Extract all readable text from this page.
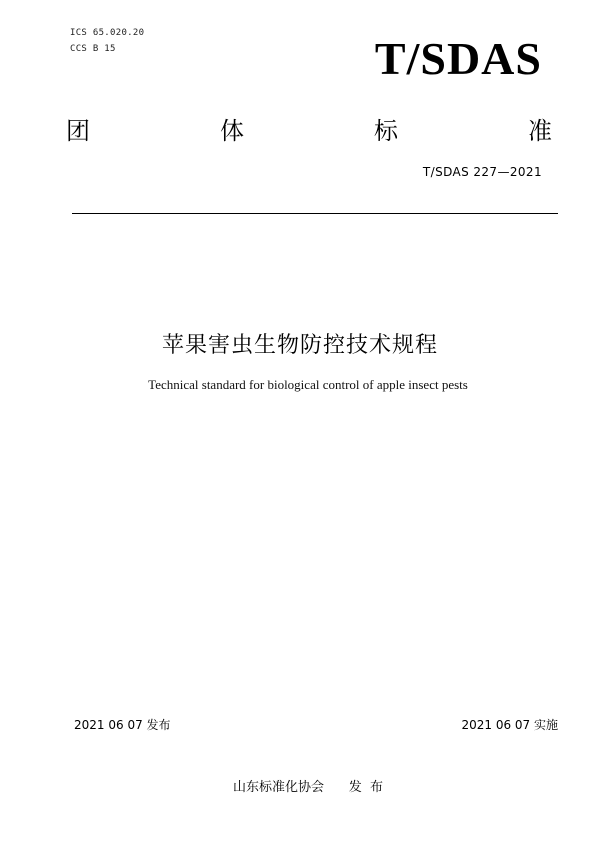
ICS 65.020.20
CCS B 15	T/SDAS
团	体	标	准
T/SDAS 227—2021
苹果害虫生物防控技术规程
Technical standard for biological control of apple insect pests
2021 06 07 发布	2021 06 07 实施
山东标准化协会 发  布
